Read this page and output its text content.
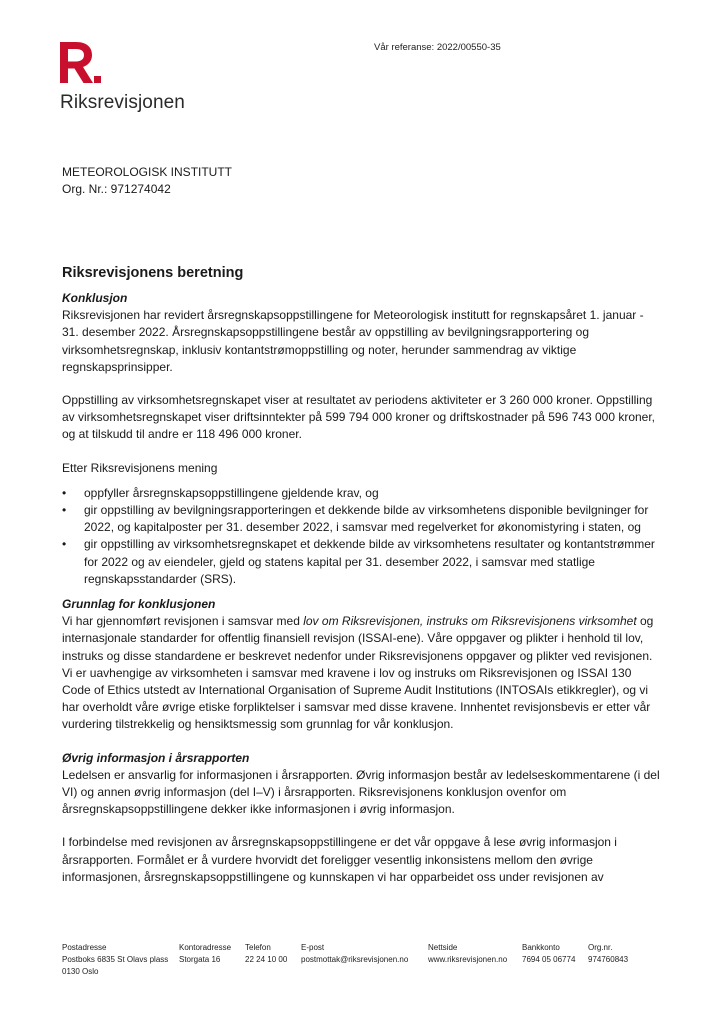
Riksrevisjonen
Vår referanse: 2022/00550-35
METEOROLOGISK INSTITUTT
Org. Nr.: 971274042
Riksrevisjonens beretning
Konklusjon

Riksrevisjonen har revidert årsregnskapsoppstillingene for Meteorologisk institutt for regnskapsåret 1. januar - 31. desember 2022. Årsregnskapsoppstillingene består av oppstilling av bevilgningsrapportering og virksomhetsregnskap, inklusiv kontantstrømoppstilling og noter, herunder sammendrag av viktige regnskapsprinsipper.

Oppstilling av virksomhetsregnskapet viser at resultatet av periodens aktiviteter er 3 260 000 kroner. Oppstilling av virksomhetsregnskapet viser driftsinntekter på 599 794 000 kroner og driftskostnader på 596 743 000 kroner, og at tilskudd til andre er 118 496 000 kroner.

Etter Riksrevisjonens mening

• oppfyller årsregnskapsoppstillingene gjeldende krav, og
• gir oppstilling av bevilgningsrapporteringen et dekkende bilde av virksomhetens disponible bevilgninger for 2022, og kapitalposter per 31. desember 2022, i samsvar med regelverket for økonomistyring i staten, og
• gir oppstilling av virksomhetsregnskapet et dekkende bilde av virksomhetens resultater og kontantstrømmer for 2022 og av eiendeler, gjeld og statens kapital per 31. desember 2022, i samsvar med statlige regnskapsstandarder (SRS).
Grunnlag for konklusjonen

Vi har gjennomført revisjonen i samsvar med lov om Riksrevisjonen, instruks om Riksrevisjonens virksomhet og internasjonale standarder for offentlig finansiell revisjon (ISSAI-ene). Våre oppgaver og plikter i henhold til lov, instruks og disse standardene er beskrevet nedenfor under Riksrevisjonens oppgaver og plikter ved revisjonen. Vi er uavhengige av virksomheten i samsvar med kravene i lov og instruks om Riksrevisjonen og ISSAI 130 Code of Ethics utstedt av International Organisation of Supreme Audit Institutions (INTOSAIs etikkregler), og vi har overholdt våre øvrige etiske forpliktelser i samsvar med disse kravene. Innhentet revisjonsbevis er etter vår vurdering tilstrekkelig og hensiktsmessig som grunnlag for vår konklusjon.

Øvrig informasjon i årsrapporten

Ledelsen er ansvarlig for informasjonen i årsrapporten. Øvrig informasjon består av ledelseskommentarene (i del VI) og annen øvrig informasjon (del I–V) i årsrapporten. Riksrevisjonens konklusjon ovenfor om årsregnskapsoppstillingene dekker ikke informasjonen i øvrig informasjon.

I forbindelse med revisjonen av årsregnskapsoppstillingene er det vår oppgave å lese øvrig informasjon i årsrapporten. Formålet er å vurdere hvorvidt det foreligger vesentlig inkonsistens mellom den øvrige informasjonen, årsregnskapsoppstillingene og kunnskapen vi har opparbeidet oss under revisjonen av

Postadresse
Postboks 6835 St Olavs plass
0130 Oslo
Kontoradresse
Storgata 16
Telefon
22 24 10 00
E-post
postmottak@riksrevisjonen.no
Nettside
www.riksrevisjonen.no
Bankkonto
7694 05 06774
Org.nr.
974760843
